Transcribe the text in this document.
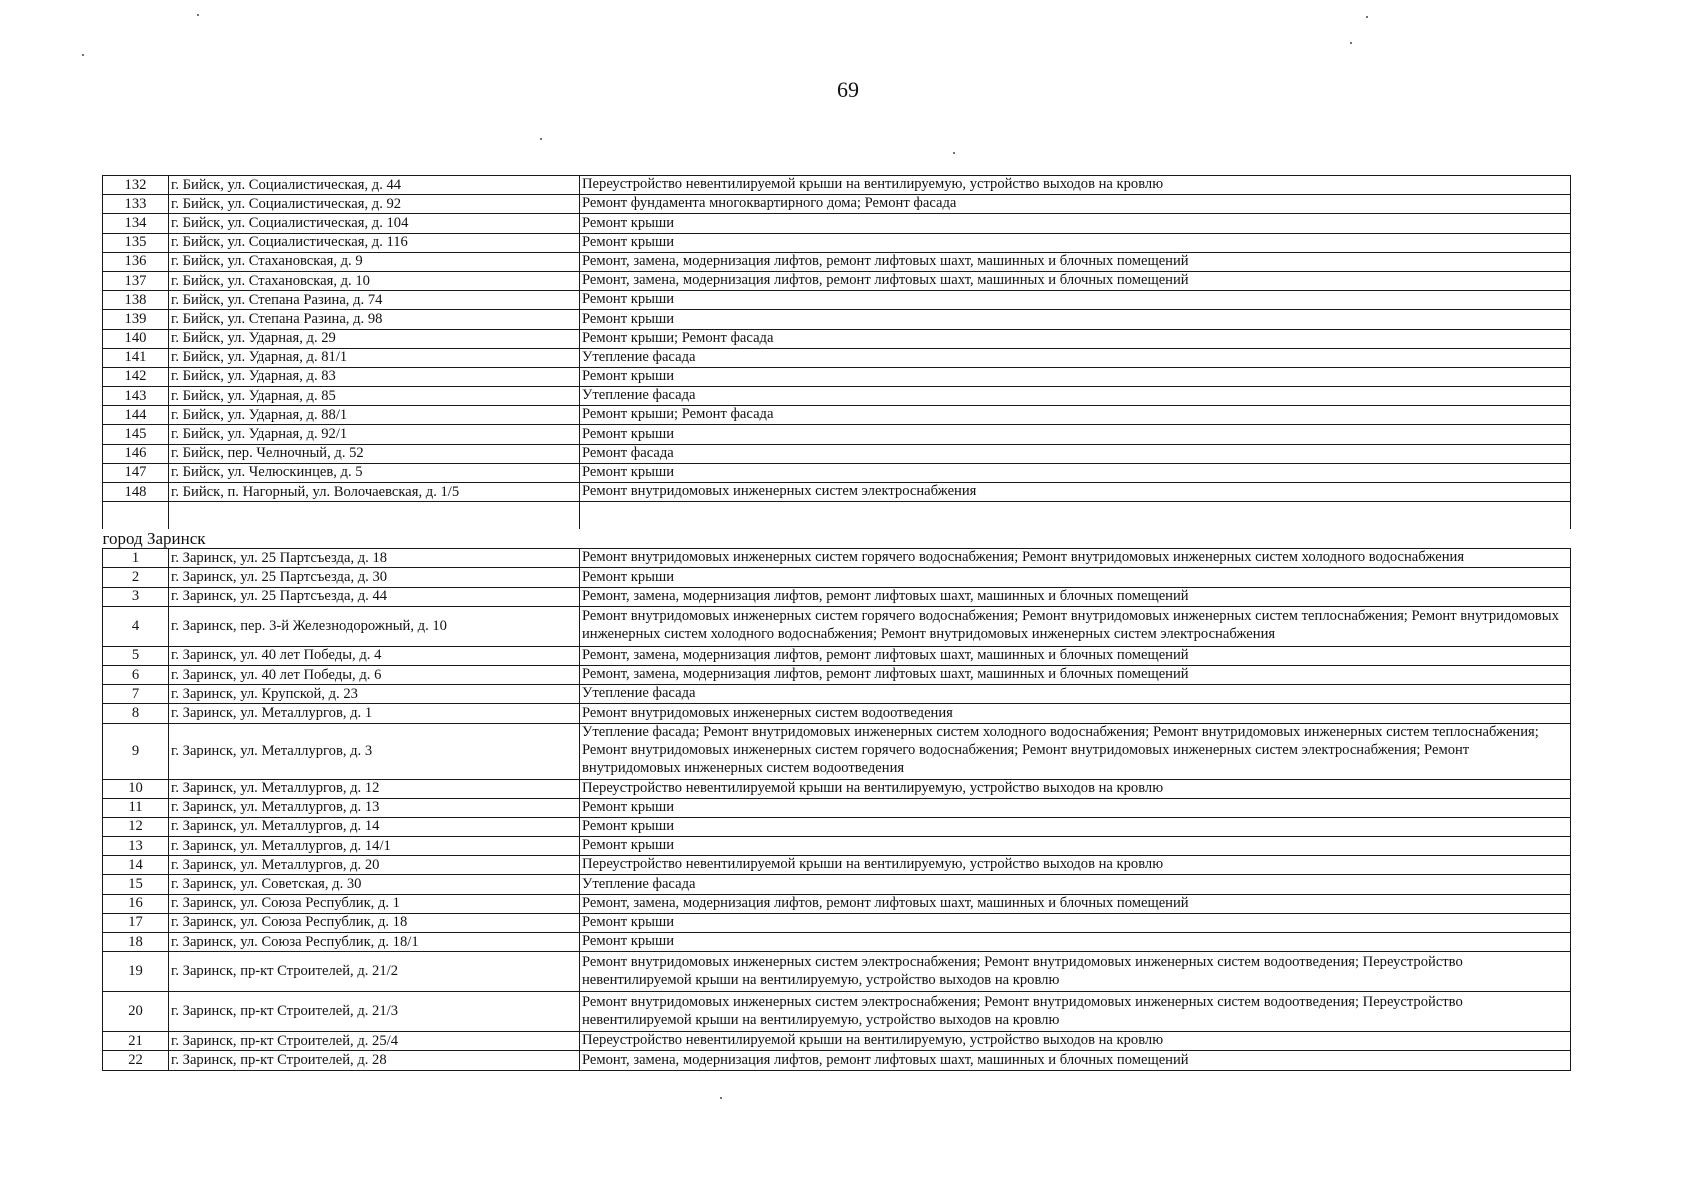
69
132	г. Бийск, ул. Социалистическая, д. 44	Переустройство невентилируемой крыши на вентилируемую, устройство выходов на кровлю
133	г. Бийск, ул. Социалистическая, д. 92	Ремонт фундамента многоквартирного дома; Ремонт фасада
134	г. Бийск, ул. Социалистическая, д. 104	Ремонт крыши
135	г. Бийск, ул. Социалистическая, д. 116	Ремонт крыши
136	г. Бийск, ул. Стахановская, д. 9	Ремонт, замена, модернизация лифтов, ремонт лифтовых шахт, машинных и блочных помещений
137	г. Бийск, ул. Стахановская, д. 10	Ремонт, замена, модернизация лифтов, ремонт лифтовых шахт, машинных и блочных помещений
138	г. Бийск, ул. Степана Разина, д. 74	Ремонт крыши
139	г. Бийск, ул. Степана Разина, д. 98	Ремонт крыши
140	г. Бийск, ул. Ударная, д. 29	Ремонт крыши; Ремонт фасада
141	г. Бийск, ул. Ударная, д. 81/1	Утепление фасада
142	г. Бийск, ул. Ударная, д. 83	Ремонт крыши
143	г. Бийск, ул. Ударная, д. 85	Утепление фасада
144	г. Бийск, ул. Ударная, д. 88/1	Ремонт крыши; Ремонт фасада
145	г. Бийск, ул. Ударная, д. 92/1	Ремонт крыши
146	г. Бийск, пер. Челночный, д. 52	Ремонт фасада
147	г. Бийск, ул. Челюскинцев, д. 5	Ремонт крыши
148	г. Бийск, п. Нагорный, ул. Волочаевская, д. 1/5	Ремонт внутридомовых инженерных систем электроснабжения

город Заринск		
1	г. Заринск, ул. 25 Партсъезда, д. 18	Ремонт внутридомовых инженерных систем горячего водоснабжения; Ремонт внутридомовых инженерных систем холодного водоснабжения
2	г. Заринск, ул. 25 Партсъезда, д. 30	Ремонт крыши
3	г. Заринск, ул. 25 Партсъезда, д. 44	Ремонт, замена, модернизация лифтов, ремонт лифтовых шахт, машинных и блочных помещений
4	г. Заринск, пер. 3-й Железнодорожный, д. 10	Ремонт внутридомовых инженерных систем горячего водоснабжения; Ремонт внутридомовых инженерных систем теплоснабжения; Ремонт внутридомовых инженерных систем холодного водоснабжения; Ремонт внутридомовых инженерных систем электроснабжения
5	г. Заринск, ул. 40 лет Победы, д. 4	Ремонт, замена, модернизация лифтов, ремонт лифтовых шахт, машинных и блочных помещений
6	г. Заринск, ул. 40 лет Победы, д. 6	Ремонт, замена, модернизация лифтов, ремонт лифтовых шахт, машинных и блочных помещений
7	г. Заринск, ул. Крупской, д. 23	Утепление фасада
8	г. Заринск, ул. Металлургов, д. 1	Ремонт внутридомовых инженерных систем водоотведения
9	г. Заринск, ул. Металлургов, д. 3	Утепление фасада; Ремонт внутридомовых инженерных систем холодного водоснабжения; Ремонт внутридомовых инженерных систем теплоснабжения; Ремонт внутридомовых инженерных систем горячего водоснабжения; Ремонт внутридомовых инженерных систем электроснабжения; Ремонт внутридомовых инженерных систем водоотведения
10	г. Заринск, ул. Металлургов, д. 12	Переустройство невентилируемой крыши на вентилируемую, устройство выходов на кровлю
11	г. Заринск, ул. Металлургов, д. 13	Ремонт крыши
12	г. Заринск, ул. Металлургов, д. 14	Ремонт крыши
13	г. Заринск, ул. Металлургов, д. 14/1	Ремонт крыши
14	г. Заринск, ул. Металлургов, д. 20	Переустройство невентилируемой крыши на вентилируемую, устройство выходов на кровлю
15	г. Заринск, ул. Советская, д. 30	Утепление фасада
16	г. Заринск, ул. Союза Республик, д. 1	Ремонт, замена, модернизация лифтов, ремонт лифтовых шахт, машинных и блочных помещений
17	г. Заринск, ул. Союза Республик, д. 18	Ремонт крыши
18	г. Заринск, ул. Союза Республик, д. 18/1	Ремонт крыши
19	г. Заринск, пр-кт Строителей, д. 21/2	Ремонт внутридомовых инженерных систем электроснабжения; Ремонт внутридомовых инженерных систем водоотведения; Переустройство невентилируемой крыши на вентилируемую, устройство выходов на кровлю
20	г. Заринск, пр-кт Строителей, д. 21/3	Ремонт внутридомовых инженерных систем электроснабжения; Ремонт внутридомовых инженерных систем водоотведения; Переустройство невентилируемой крыши на вентилируемую, устройство выходов на кровлю
21	г. Заринск, пр-кт Строителей, д. 25/4	Переустройство невентилируемой крыши на вентилируемую, устройство выходов на кровлю
22	г. Заринск, пр-кт Строителей, д. 28	Ремонт, замена, модернизация лифтов, ремонт лифтовых шахт, машинных и блочных помещений
